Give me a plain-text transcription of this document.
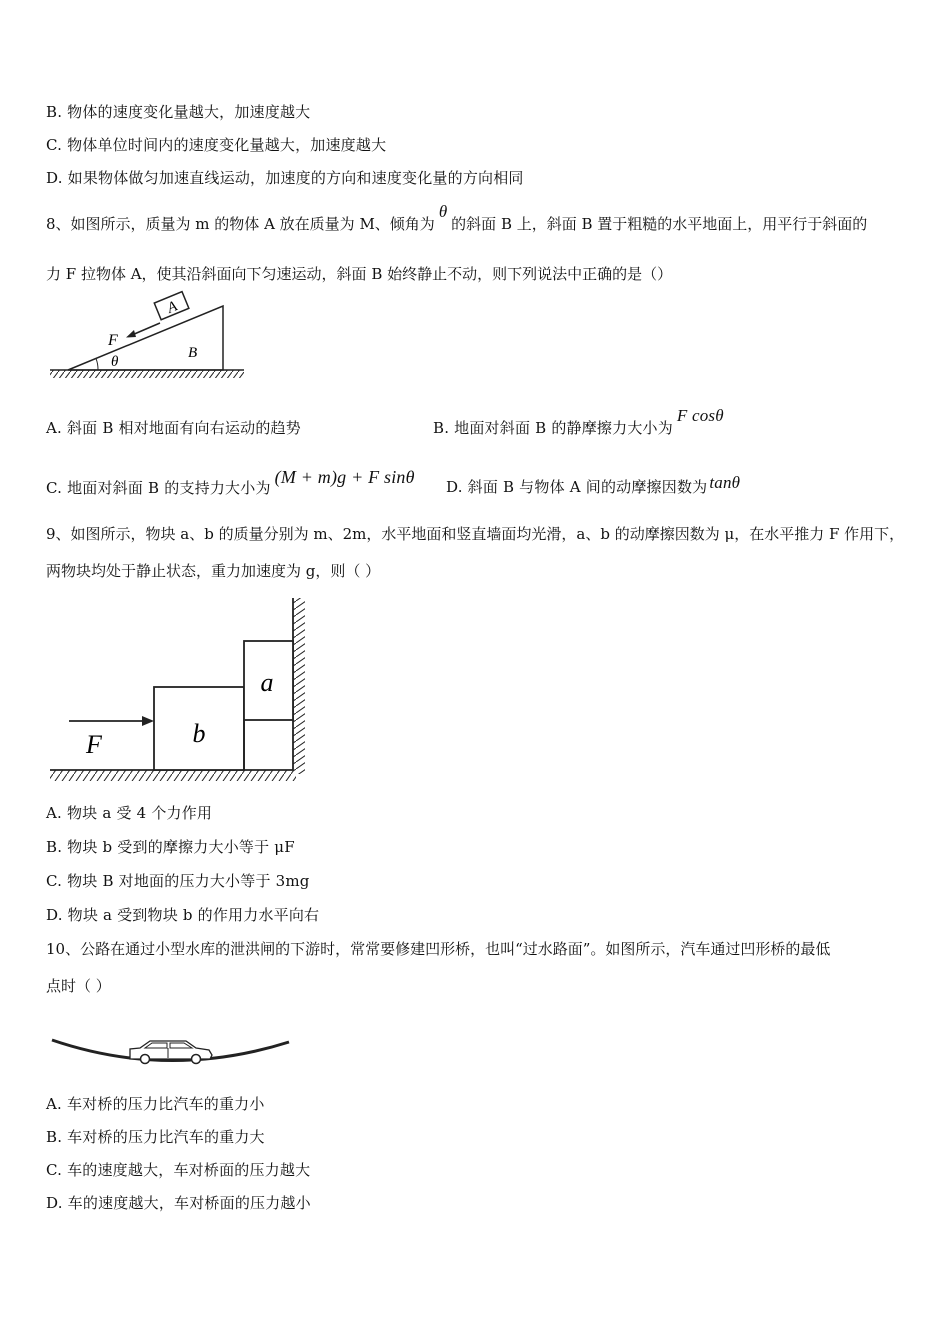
B. 物体的速度变化量越大，加速度越大
C. 物体单位时间内的速度变化量越大，加速度越大
D. 如果物体做匀加速直线运动，加速度的方向和速度变化量的方向相同
8、如图所示，质量为 m 的物体 A 放在质量为 M、倾角为θ的斜面 B 上，斜面 B 置于粗糙的水平地面上，用平行于斜面的
力 F 拉物体 A，使其沿斜面向下匀速运动，斜面 B 始终静止不动，则下列说法中正确的是（）
A
F
θ
B
A. 斜面 B 相对地面有向右运动的趋势	B. 地面对斜面 B 的静摩擦力大小为F cosθ
C. 地面对斜面 B 的支持力大小为(M + m)g + F sinθ D. 斜面 B 与物体 A 间的动摩擦因数为 tanθ
9、如图所示，物块 a、b 的质量分别为 m、2m，水平地面和竖直墙面均光滑，a、b 的动摩擦因数为 μ，在水平推力 F 作用下，
两物块均处于静止状态，重力加速度为 g，则（ ）
b
a
F
A. 物块 a 受 4 个力作用
B. 物块 b 受到的摩擦力大小等于 μF
C. 物块 B 对地面的压力大小等于 3mg
D. 物块 a 受到物块 b 的作用力水平向右
10、公路在通过小型水库的泄洪闸的下游时，常常要修建凹形桥，也叫“过水路面”。如图所示，汽车通过凹形桥的最低
点时（ ）
A. 车对桥的压力比汽车的重力小
B. 车对桥的压力比汽车的重力大
C. 车的速度越大，车对桥面的压力越大
D. 车的速度越大，车对桥面的压力越小
